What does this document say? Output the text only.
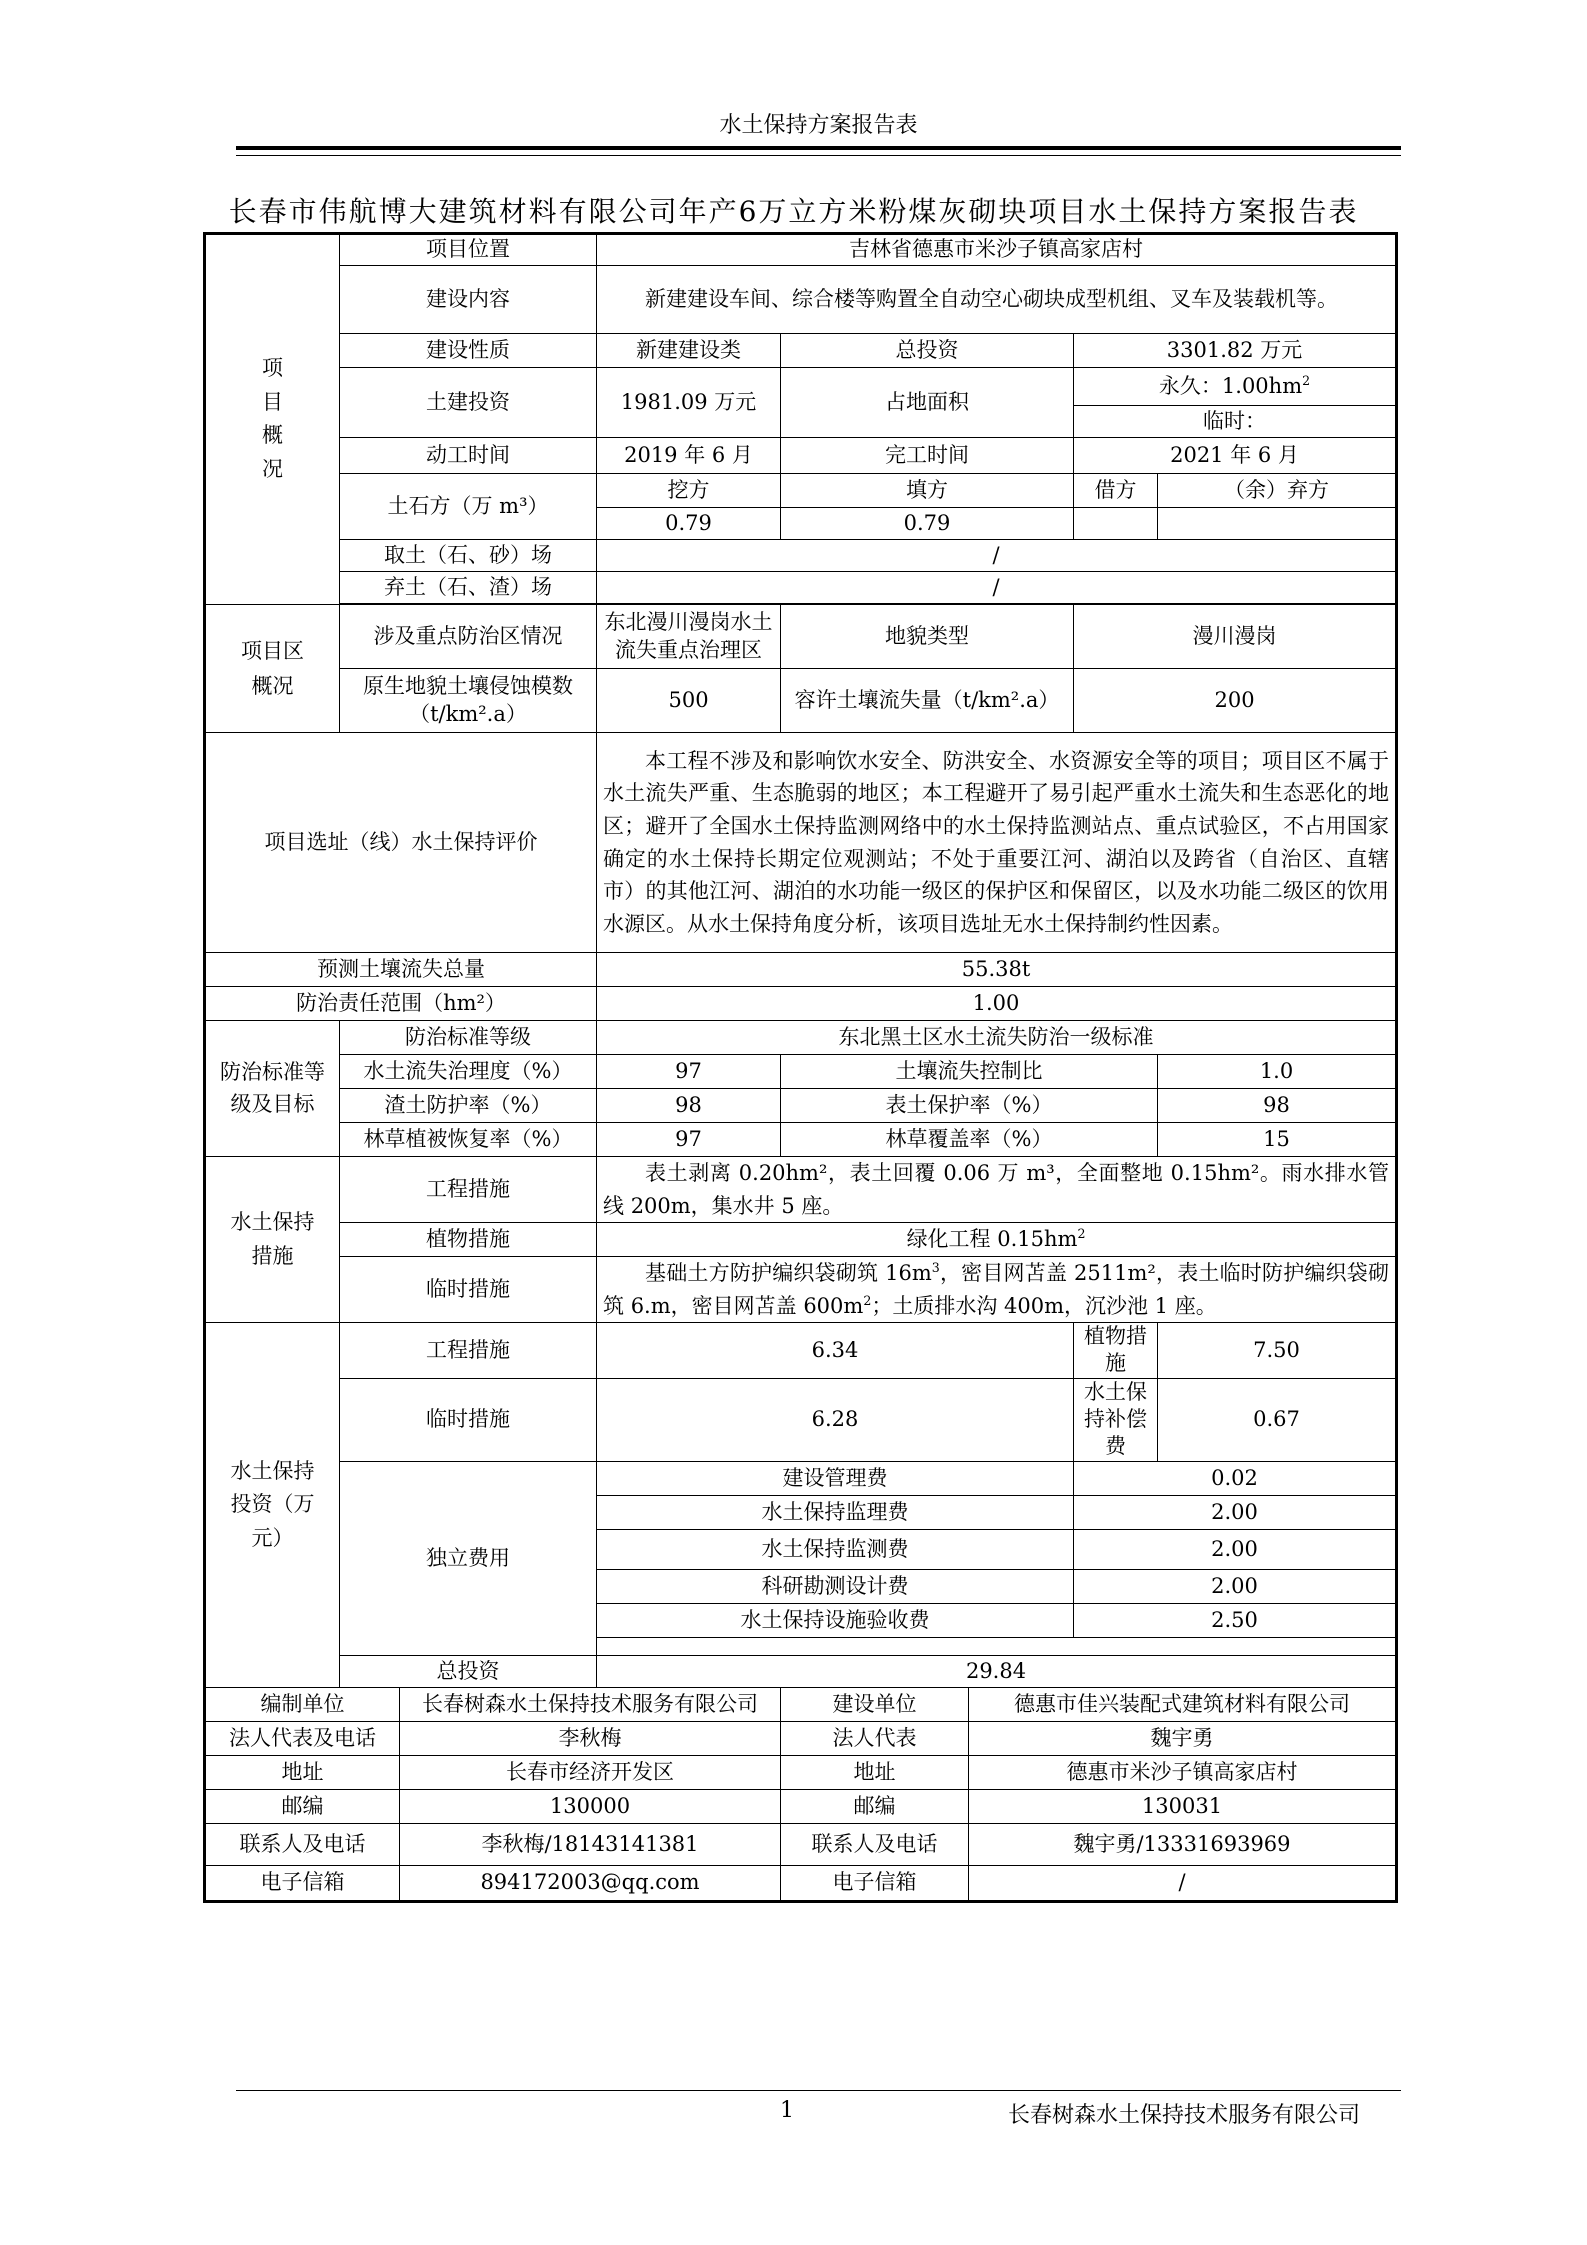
水土保持方案报告表
长春市伟航博大建筑材料有限公司年产6万立方米粉煤灰砌块项目水土保持方案报告表
项目概况	项目位置		吉林省德惠市米沙子镇高家店村				
	建设内容		新建建设车间、综合楼等购置全自动空心砌块成型机组、叉车及装载机等。				
	建设性质		新建建设类	总投资		3301.82 万元	
	土建投资		1981.09 万元	占地面积		永久：$1.00hm^2$
						临时：	
	动工时间		2019 年 6 月	完工时间		2021 年 6 月	
	土石方（万 m³）		挖方	填方		借方	（余）弃方
			0.79	0.79			
	取土（石、砂）场		/				
	弃土（石、渣）场		/				

项目区概况	涉及重点防治区情况		东北漫川漫岗水土流失重点治理区	地貌类型		漫川漫岗	
	原生地貌土壤侵蚀模数（t/km².a）		500	容许土壤流失量（t/km².a）		200	
项目选址（线）水土保持评价			本工程不涉及和影响饮水安全、防洪安全、水资源安全等的项目；项目区不属于水土流失严重、生态脆弱的地区；本工程避开了易引起严重水土流失和生态恶化的地区；避开了全国水土保持监测网络中的水土保持监测站点、重点试验区，不占用国家确定的水土保持长期定位观测站；不处于重要江河、湖泊以及跨省（自治区、直辖市）的其他江河、湖泊的水功能一级区的保护区和保留区，以及水功能二级区的饮用水源区。从水土保持角度分析，该项目选址无水土保持制约性因素。				
预测土壤流失总量			55.38t				
防治责任范围（hm²）			1.00				
防治标准等级及目标	防治标准等级		东北黑土区水土流失防治一级标准				
	水土流失治理度（%）		97	土壤流失控制比			1.0
	渣土防护率（%）		98	表土保护率（%）			98
	林草植被恢复率（%）		97	林草覆盖率（%）			15
水土保持措施	工程措施		表土剥离 0.20hm²，表土回覆 0.06 万 m³，全面整地 0.15hm²。雨水排水管线 200m，集水井 5 座。				
	植物措施		绿化工程 $0.15hm^2$
	临时措施		基础土方防护编织袋砌筑 $16m^3$，密目网苫盖 2511m²，表土临时防护编织袋砌筑 6.m，密目网苫盖 $600m^2$；土质排水沟 400m，沉沙池 1 座。				
水土保持投资（万元）	工程措施		6.34			植物措施	7.50
	临时措施		6.28			水土保持补偿费	0.67
	独立费用		建设管理费			0.02	
			水土保持监理费			2.00	
			水土保持监测费			2.00	
			科研勘测设计费			2.00	
			水土保持设施验收费			2.50	

	总投资		29.84				
编制单位		长春树森水土保持技术服务有限公司		建设单位	德惠市佳兴装配式建筑材料有限公司		
法人代表及电话		李秋梅		法人代表	魏宇勇		
地址		长春市经济开发区		地址	德惠市米沙子镇高家店村		
邮编		130000		邮编	130031		
联系人及电话		李秋梅/18143141381		联系人及电话	魏宇勇/13331693969		
电子信箱		894172003@qq.com		电子信箱	/		
1	长春树森水土保持技术服务有限公司
